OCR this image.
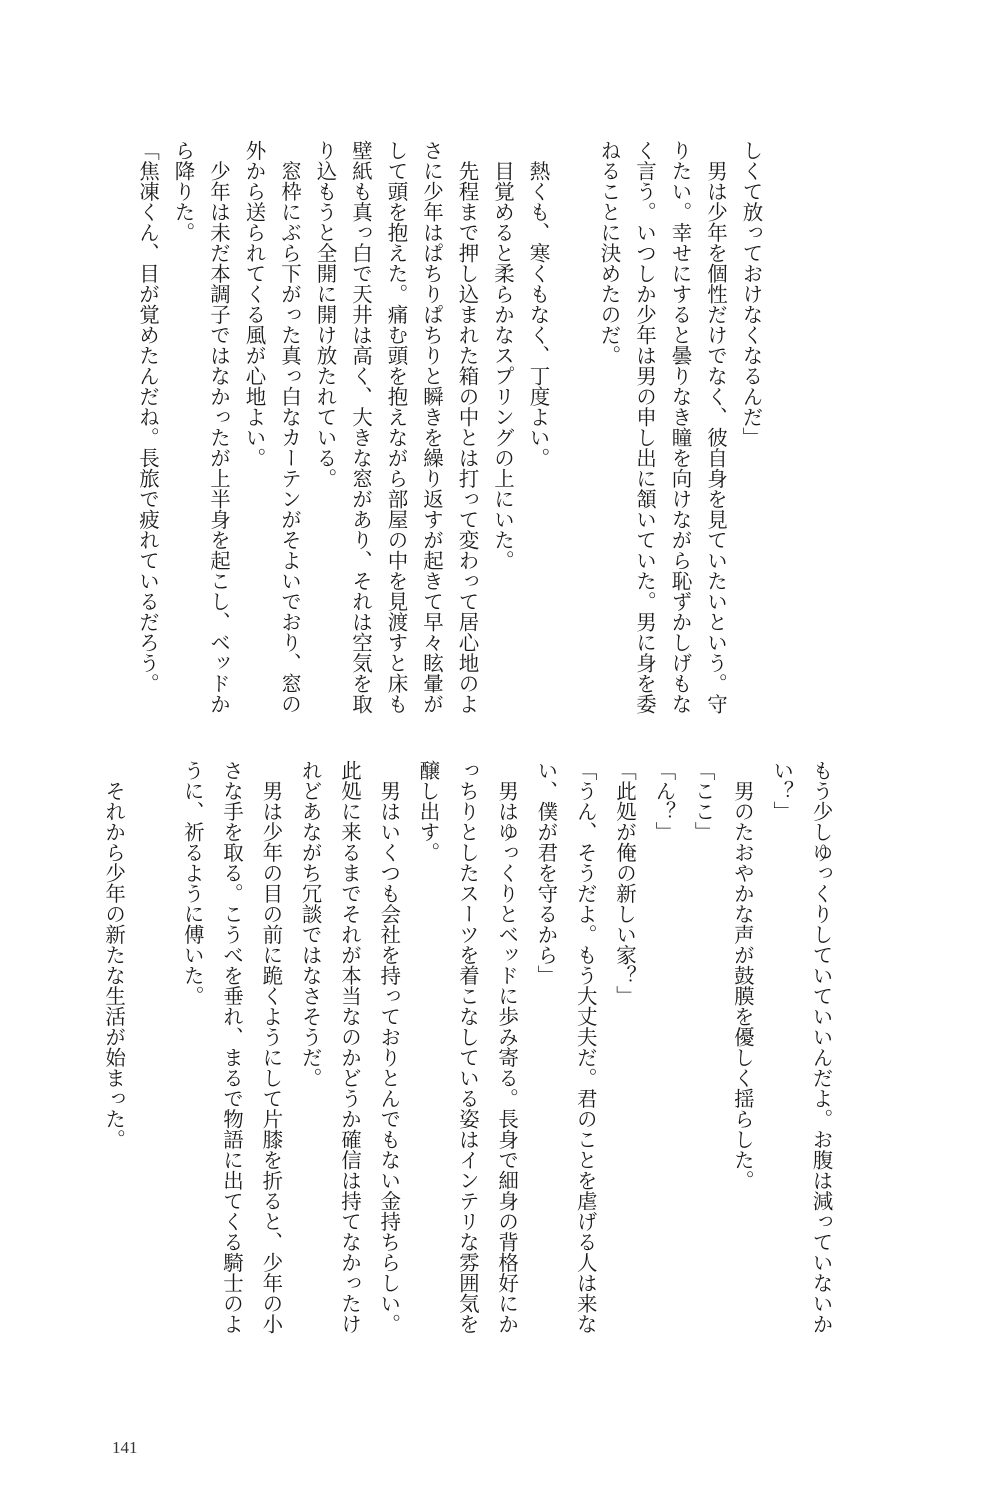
しくて放っておけなくなるんだ」
　男は少年を個性だけでなく、彼自身を見ていたいという。守
りたい。幸せにすると曇りなき瞳を向けながら恥ずかしげもな
く言う。いつしか少年は男の申し出に頷いていた。男に身を委
ねることに決めたのだ。
　熱くも、寒くもなく、丁度よい。
　目覚めると柔らかなスプリングの上にいた。
　先程まで押し込まれた箱の中とは打って変わって居心地のよ
さに少年はぱちりぱちりと瞬きを繰り返すが起きて早々眩暈が
して頭を抱えた。痛む頭を抱えながら部屋の中を見渡すと床も
壁紙も真っ白で天井は高く、大きな窓があり、それは空気を取
り込もうと全開に開け放たれている。
　窓枠にぶら下がった真っ白なカーテンがそよいでおり、窓の
外から送られてくる風が心地よい。
　少年は未だ本調子ではなかったが上半身を起こし、ベッドか
ら降りた。
「焦凍くん、目が覚めたんだね。長旅で疲れているだろう。
もう少しゆっくりしていていいんだよ。お腹は減っていないか
い？」
　男のたおやかな声が鼓膜を優しく揺らした。
「ここ」
「ん？」
「此処が俺の新しい家？」
「うん、そうだよ。もう大丈夫だ。君のことを虐げる人は来な
い、僕が君を守るから」
　男はゆっくりとベッドに歩み寄る。長身で細身の背格好にか
っちりとしたスーツを着こなしている姿はインテリな雰囲気を
醸し出す。
　男はいくつも会社を持っておりとんでもない金持ちらしい。
此処に来るまでそれが本当なのかどうか確信は持てなかったけ
れどあながち冗談ではなさそうだ。
　男は少年の目の前に跪くようにして片膝を折ると、少年の小
さな手を取る。こうべを垂れ、まるで物語に出てくる騎士のよ
うに、祈るように傅いた。
　それから少年の新たな生活が始まった。
141
